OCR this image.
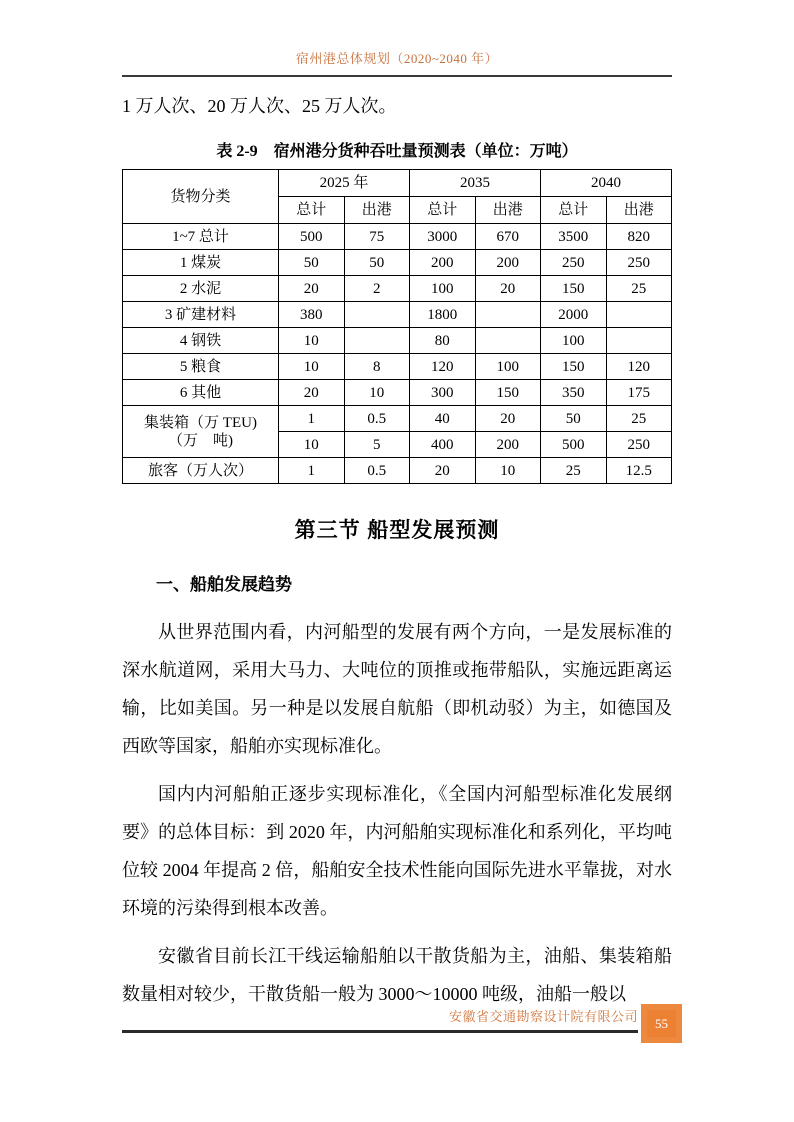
宿州港总体规划（2020~2040 年）

1 万人次、20 万人次、25 万人次。

表 2-9　宿州港分货种吞吐量预测表（单位：万吨）

货物分类	2025 年		2035		2040	
	总计	出港	总计	出港	总计	出港
1~7 总计	500	75	3000	670	3500	820
1 煤炭	50	50	200	200	250	250
2 水泥	20	2	100	20	150	25
3 矿建材料	380		1800		2000	
4 钢铁	10		80		100	
5 粮食	10	8	120	100	150	120
6 其他	20	10	300	150	350	175
集装箱（万 TEU)
（万　吨)	1	0.5	40	20	50	25
	10	5	400	200	500	250
旅客（万人次）	1	0.5	20	10	25	12.5
第三节 船型发展预测
一、船舶发展趋势

从世界范围内看，内河船型的发展有两个方向，一是发展标准的深水航道网，采用大马力、大吨位的顶推或拖带船队，实施远距离运输，比如美国。另一种是以发展自航船（即机动驳）为主，如德国及西欧等国家，船舶亦实现标准化。

国内内河船舶正逐步实现标准化，《全国内河船型标准化发展纲要》的总体目标：到 2020 年，内河船舶实现标准化和系列化，平均吨位较 2004 年提高 2 倍，船舶安全技术性能向国际先进水平靠拢，对水环境的污染得到根本改善。

安徽省目前长江干线运输船舶以干散货船为主，油船、集装箱船数量相对较少，干散货船一般为 3000～10000 吨级，油船一般以

安徽省交通勘察设计院有限公司 55
